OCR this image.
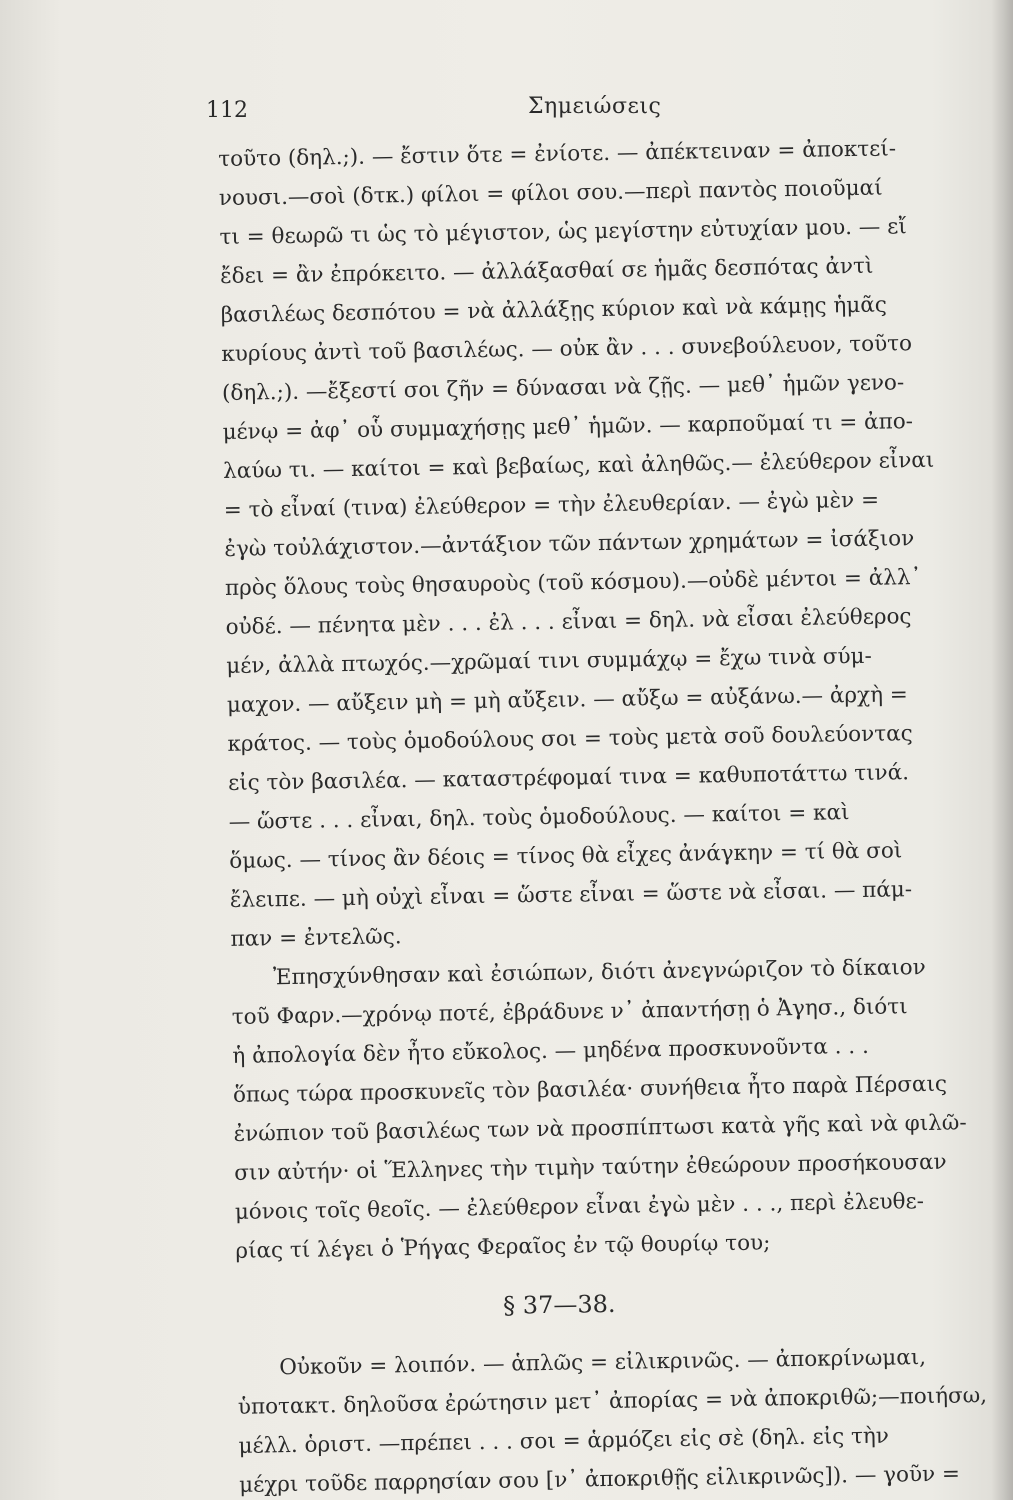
112	Σημειώσεις
τοῦτο (δηλ.;). — ἔστιν ὅτε = ἐνίοτε. — ἀπέκτειναν = ἀποκτεί-
νουσι.—σοὶ (δτκ.) φίλοι = φίλοι σου.—περὶ παντὸς ποιοῦμαί
τι = θεωρῶ τι ὡς τὸ μέγιστον, ὡς μεγίστην εὐτυχίαν μου. — εἴ
ἔδει = ἂν ἐπρόκειτο. — ἀλλάξασθαί σε ἡμᾶς δεσπότας ἀντὶ
βασιλέως δεσπότου = νὰ ἀλλάξῃς κύριον καὶ νὰ κάμῃς ἡμᾶς
κυρίους ἀντὶ τοῦ βασιλέως. — οὐκ ἂν . . . συνεβούλευον, τοῦτο
(δηλ.;). —ἔξεστί σοι ζῆν = δύνασαι νὰ ζῇς. — μεθ᾽ ἡμῶν γενο-
μένῳ = ἀφ᾽ οὗ συμμαχήσῃς μεθ᾽ ἡμῶν. — καρποῦμαί τι = ἀπο-
λαύω τι. — καίτοι = καὶ βεβαίως, καὶ ἀληθῶς.— ἐλεύθερον εἶναι
= τὸ εἶναί (τινα) ἐλεύθερον = τὴν ἐλευθερίαν. — ἐγὼ μὲν =
ἐγὼ τοὐλάχιστον.—ἀντάξιον τῶν πάντων χρημάτων = ἰσάξιον
πρὸς ὅλους τοὺς θησαυροὺς (τοῦ κόσμου).—οὐδὲ μέντοι = ἀλλ᾽
οὐδέ. — πένητα μὲν . . . ἐλ . . . εἶναι = δηλ. νὰ εἶσαι ἐλεύθερος
μέν, ἀλλὰ πτωχός.—χρῶμαί τινι συμμάχῳ = ἔχω τινὰ σύμ-
μαχον. — αὔξειν μὴ = μὴ αὔξειν. — αὔξω = αὐξάνω.— ἀρχὴ =
κράτος. — τοὺς ὁμοδούλους σοι = τοὺς μετὰ σοῦ δουλεύοντας
εἰς τὸν βασιλέα. — καταστρέφομαί τινα = καθυποτάττω τινά.
— ὥστε . . . εἶναι, δηλ. τοὺς ὁμοδούλους. — καίτοι = καὶ
ὅμως. — τίνος ἂν δέοις = τίνος θὰ εἶχες ἀνάγκην = τί θὰ σοὶ
ἔλειπε. — μὴ οὐχὶ εἶναι = ὥστε εἶναι = ὥστε νὰ εἶσαι. — πάμ-
παν = ἐντελῶς.
Ἐπησχύνθησαν καὶ ἐσιώπων, διότι ἀνεγνώριζον τὸ δίκαιον
τοῦ Φαρν.—χρόνῳ ποτέ, ἐβράδυνε ν᾽ ἀπαντήσῃ ὁ Ἀγησ., διότι
ἡ ἀπολογία δὲν ἦτο εὔκολος. — μηδένα προσκυνοῦντα . . .
ὅπως τώρα προσκυνεῖς τὸν βασιλέα· συνήθεια ἦτο παρὰ Πέρσαις
ἐνώπιον τοῦ βασιλέως των νὰ προσπίπτωσι κατὰ γῆς καὶ νὰ φιλῶ-
σιν αὐτήν· οἱ Ἕλληνες τὴν τιμὴν ταύτην ἐθεώρουν προσήκουσαν
μόνοις τοῖς θεοῖς. — ἐλεύθερον εἶναι ἐγὼ μὲν . . ., περὶ ἐλευθε-
ρίας τί λέγει ὁ Ῥήγας Φεραῖος ἐν τῷ θουρίῳ του;
§ 37—38.
Οὐκοῦν = λοιπόν. — ἁπλῶς = εἰλικρινῶς. — ἀποκρίνωμαι,
ὑποτακτ. δηλοῦσα ἐρώτησιν μετ᾽ ἀπορίας = νὰ ἀποκριθῶ;—ποιήσω,
μέλλ. ὁριστ. —πρέπει . . . σοι = ἁρμόζει εἰς σὲ (δηλ. εἰς τὴν
μέχρι τοῦδε παρρησίαν σου [ν᾽ ἀποκριθῇς εἰλικρινῶς]). — γοῦν =
